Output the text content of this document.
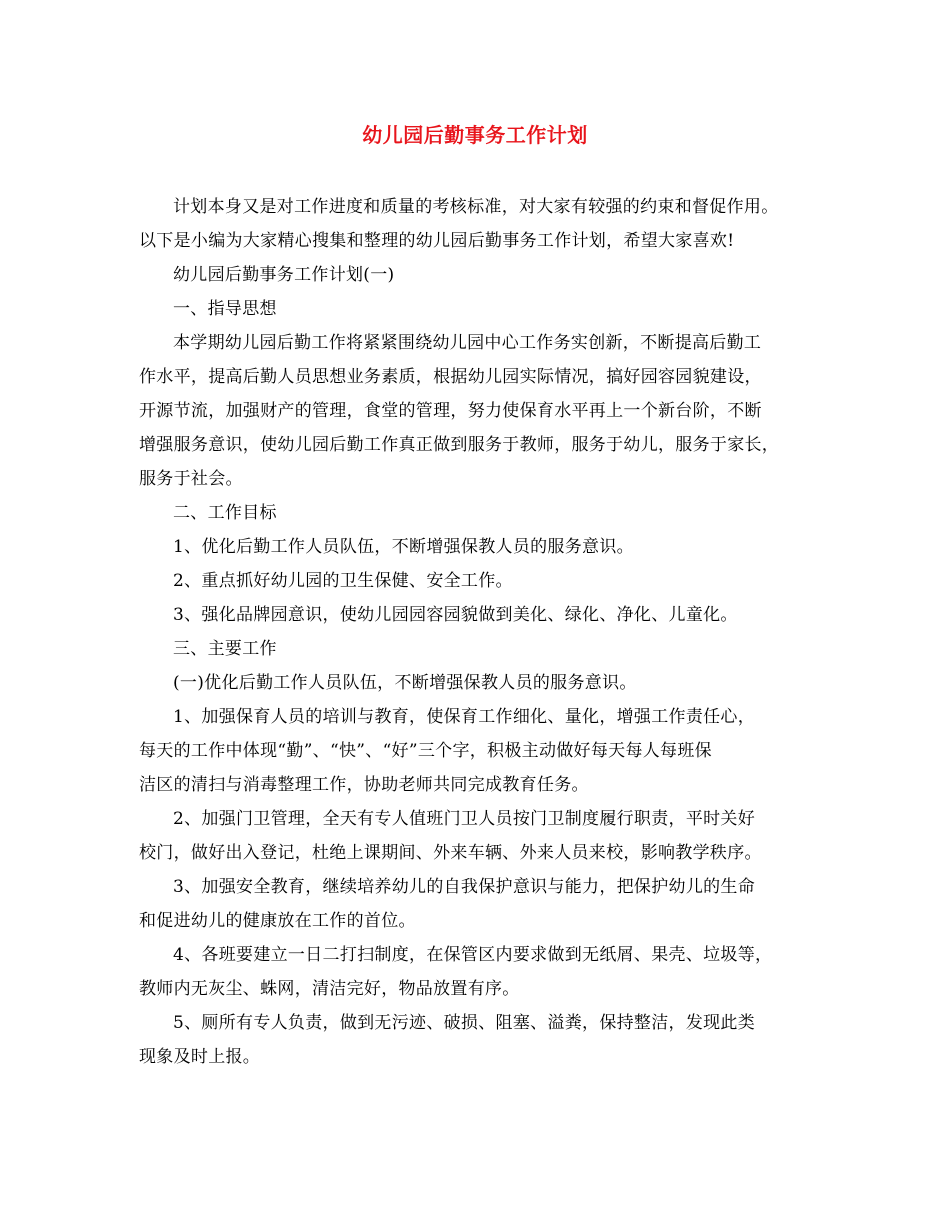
幼儿园后勤事务工作计划

计划本身又是对工作进度和质量的考核标准，对大家有较强的约束和督促作用。
以下是小编为大家精心搜集和整理的幼儿园后勤事务工作计划，希望大家喜欢!

幼儿园后勤事务工作计划(一)

一、指导思想

本学期幼儿园后勤工作将紧紧围绕幼儿园中心工作务实创新，不断提高后勤工
作水平，提高后勤人员思想业务素质，根据幼儿园实际情况，搞好园容园貌建设，
开源节流，加强财产的管理，食堂的管理，努力使保育水平再上一个新台阶，不断
增强服务意识，使幼儿园后勤工作真正做到服务于教师，服务于幼儿，服务于家长，
服务于社会。

二、工作目标

1、优化后勤工作人员队伍，不断增强保教人员的服务意识。

2、重点抓好幼儿园的卫生保健、安全工作。

3、强化品牌园意识，使幼儿园园容园貌做到美化、绿化、净化、儿童化。

三、主要工作

(一)优化后勤工作人员队伍，不断增强保教人员的服务意识。

1、加强保育人员的培训与教育，使保育工作细化、量化，增强工作责任心，
每天的工作中体现“勤”、“快”、“好”三个字，积极主动做好每天每人每班保
洁区的清扫与消毒整理工作，协助老师共同完成教育任务。

2、加强门卫管理，全天有专人值班门卫人员按门卫制度履行职责，平时关好
校门，做好出入登记，杜绝上课期间、外来车辆、外来人员来校，影响教学秩序。

3、加强安全教育，继续培养幼儿的自我保护意识与能力，把保护幼儿的生命
和促进幼儿的健康放在工作的首位。

4、各班要建立一日二打扫制度，在保管区内要求做到无纸屑、果壳、垃圾等，
教师内无灰尘、蛛网，清洁完好，物品放置有序。

5、厕所有专人负责，做到无污迹、破损、阻塞、溢粪，保持整洁，发现此类
现象及时上报。
